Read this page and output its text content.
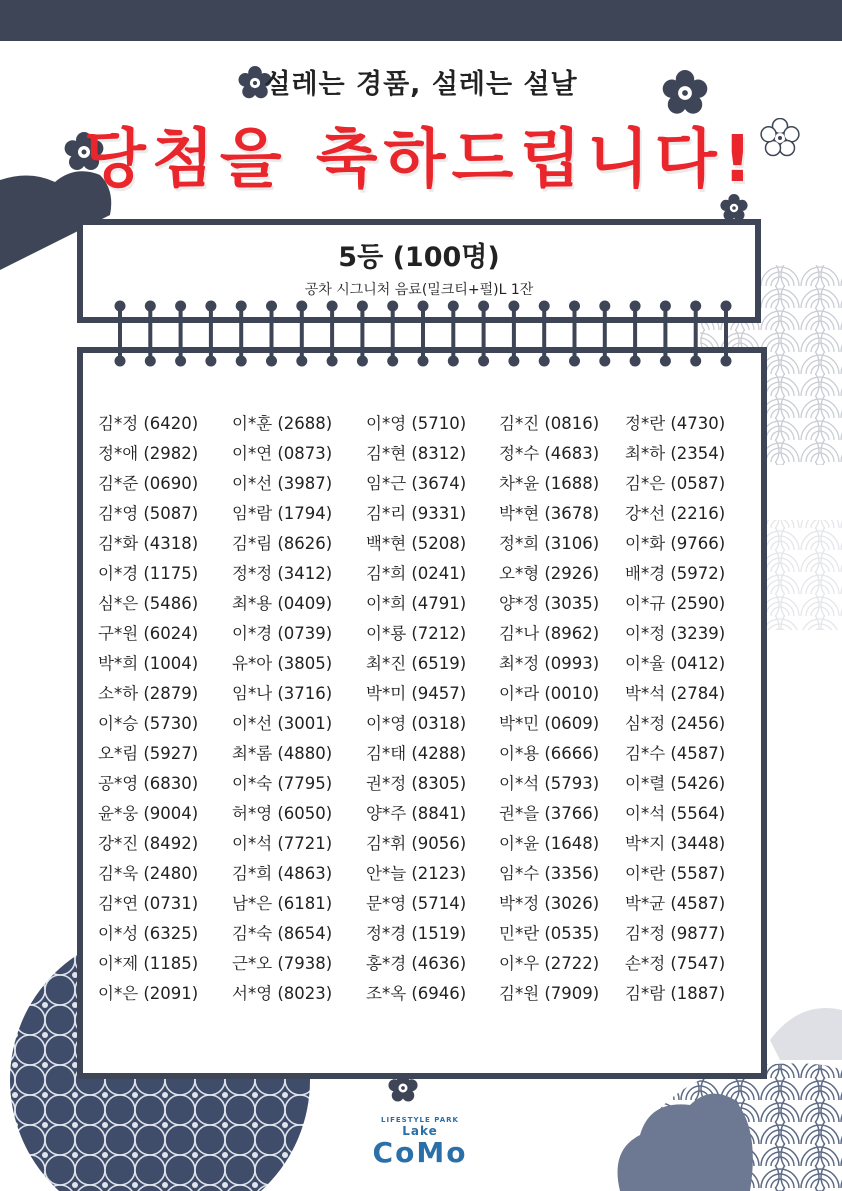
설레는 경품, 설레는 설날
당첨을 축하드립니다!
5등 (100명)
공차 시그니처 음료(밀크티+펄)L 1잔
김*정 (6420)
정*애 (2982)
김*준 (0690)
김*영 (5087)
김*화 (4318)
이*경 (1175)
심*은 (5486)
구*원 (6024)
박*희 (1004)
소*하 (2879)
이*승 (5730)
오*림 (5927)
공*영 (6830)
윤*웅 (9004)
강*진 (8492)
김*욱 (2480)
김*연 (0731)
이*성 (6325)
이*제 (1185)
이*은 (2091)
이*훈 (2688)
이*연 (0873)
이*선 (3987)
임*람 (1794)
김*림 (8626)
정*정 (3412)
최*용 (0409)
이*경 (0739)
유*아 (3805)
임*나 (3716)
이*선 (3001)
최*롬 (4880)
이*숙 (7795)
허*영 (6050)
이*석 (7721)
김*희 (4863)
남*은 (6181)
김*숙 (8654)
근*오 (7938)
서*영 (8023)
이*영 (5710)
김*현 (8312)
임*근 (3674)
김*리 (9331)
백*현 (5208)
김*희 (0241)
이*희 (4791)
이*룡 (7212)
최*진 (6519)
박*미 (9457)
이*영 (0318)
김*태 (4288)
권*정 (8305)
양*주 (8841)
김*휘 (9056)
안*늘 (2123)
문*영 (5714)
정*경 (1519)
홍*경 (4636)
조*옥 (6946)
김*진 (0816)
정*수 (4683)
차*윤 (1688)
박*현 (3678)
정*희 (3106)
오*형 (2926)
양*정 (3035)
김*나 (8962)
최*정 (0993)
이*라 (0010)
박*민 (0609)
이*용 (6666)
이*석 (5793)
권*을 (3766)
이*윤 (1648)
임*수 (3356)
박*정 (3026)
민*란 (0535)
이*우 (2722)
김*원 (7909)
정*란 (4730)
최*하 (2354)
김*은 (0587)
강*선 (2216)
이*화 (9766)
배*경 (5972)
이*규 (2590)
이*정 (3239)
이*율 (0412)
박*석 (2784)
심*정 (2456)
김*수 (4587)
이*렬 (5426)
이*석 (5564)
박*지 (3448)
이*란 (5587)
박*균 (4587)
김*정 (9877)
손*정 (7547)
김*람 (1887)
LIFESTYLE PARK
Lake
CoMo
